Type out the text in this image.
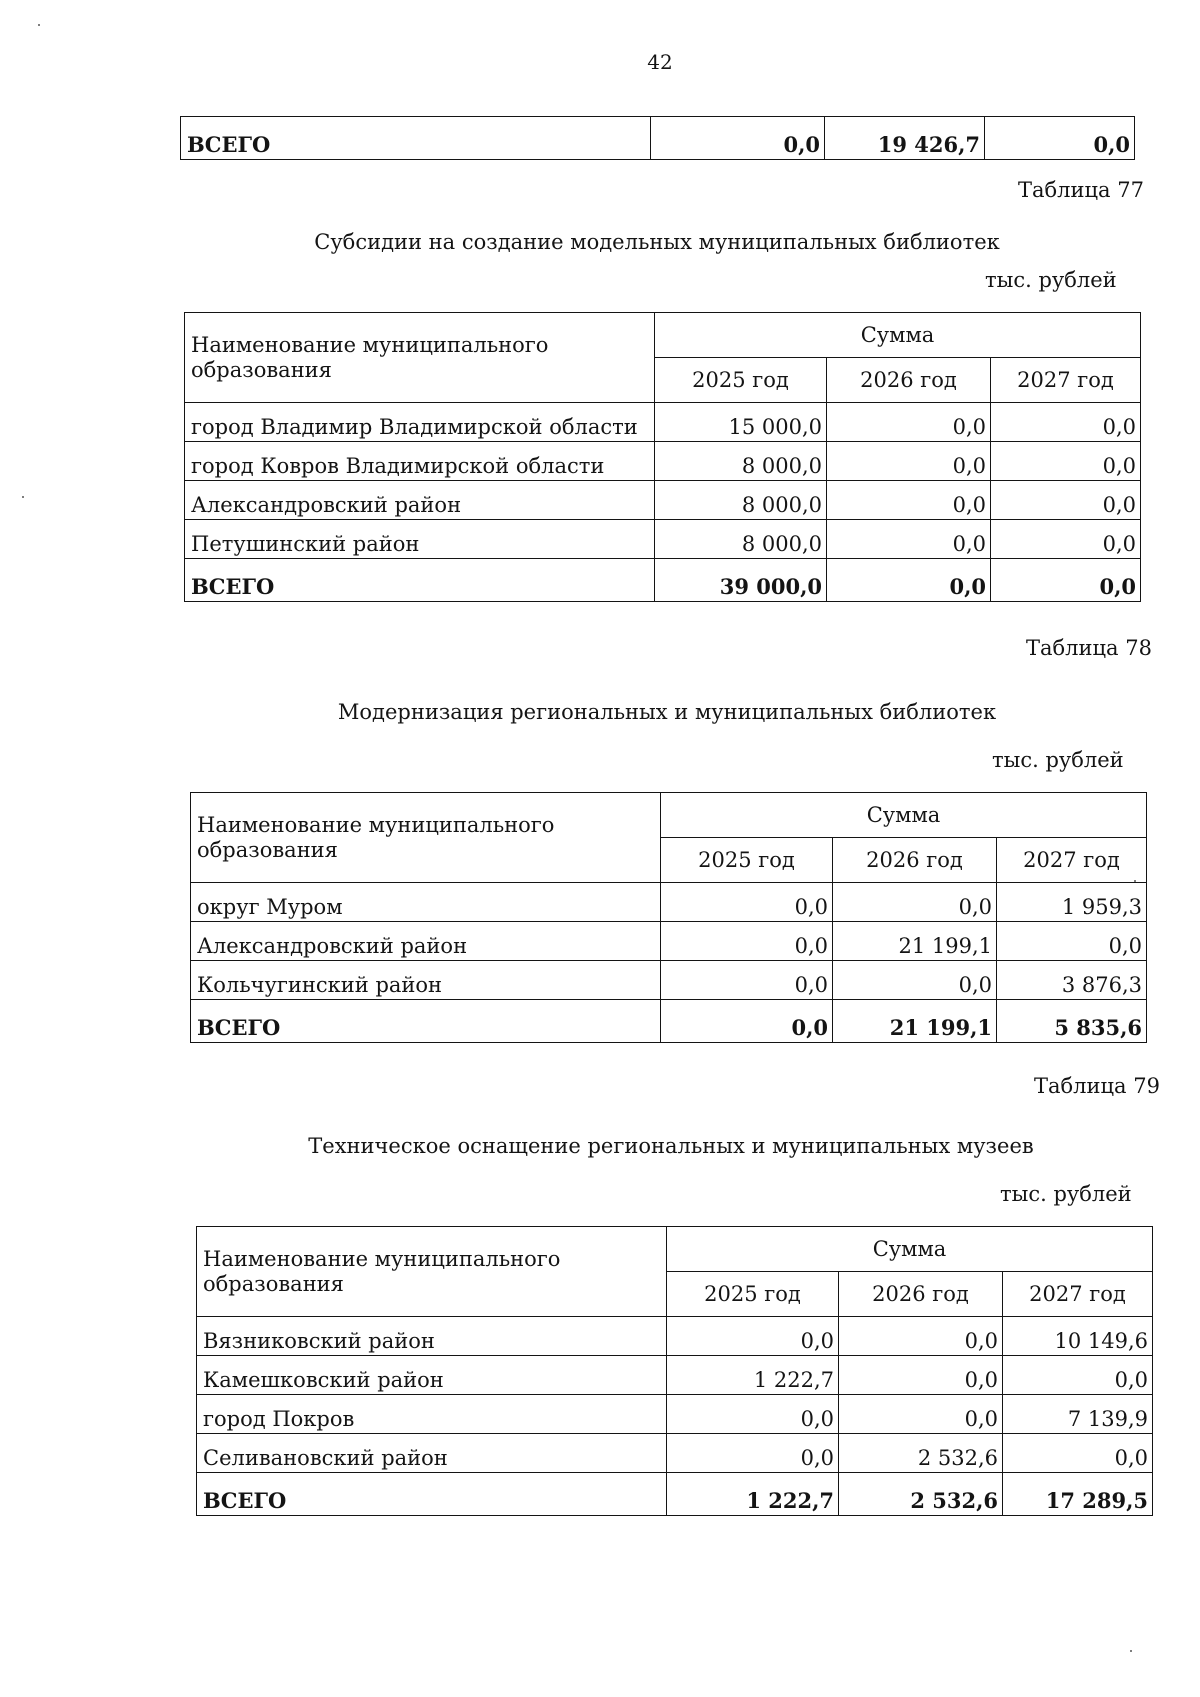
42
ВСЕГО	0,0	19 426,7	0,0
Таблица 77
Субсидии на создание модельных муниципальных библиотек
тыс. рублей
Наименование муниципального образования	Сумма		
	2025 год	2026 год	2027 год
город Владимир Владимирской области	15 000,0	0,0	0,0
город Ковров Владимирской области	8 000,0	0,0	0,0
Александровский район	8 000,0	0,0	0,0
Петушинский район	8 000,0	0,0	0,0
ВСЕГО	39 000,0	0,0	0,0
Таблица 78
Модернизация региональных и муниципальных библиотек
тыс. рублей
Наименование муниципального образования	Сумма		
	2025 год	2026 год	2027 год
округ Муром	0,0	0,0	1 959,3
Александровский район	0,0	21 199,1	0,0
Кольчугинский район	0,0	0,0	3 876,3
ВСЕГО	0,0	21 199,1	5 835,6
Таблица 79
Техническое оснащение региональных и муниципальных музеев
тыс. рублей
Наименование муниципального образования	Сумма		
	2025 год	2026 год	2027 год
Вязниковский район	0,0	0,0	10 149,6
Камешковский район	1 222,7	0,0	0,0
город Покров	0,0	0,0	7 139,9
Селивановский район	0,0	2 532,6	0,0
ВСЕГО	1 222,7	2 532,6	17 289,5
